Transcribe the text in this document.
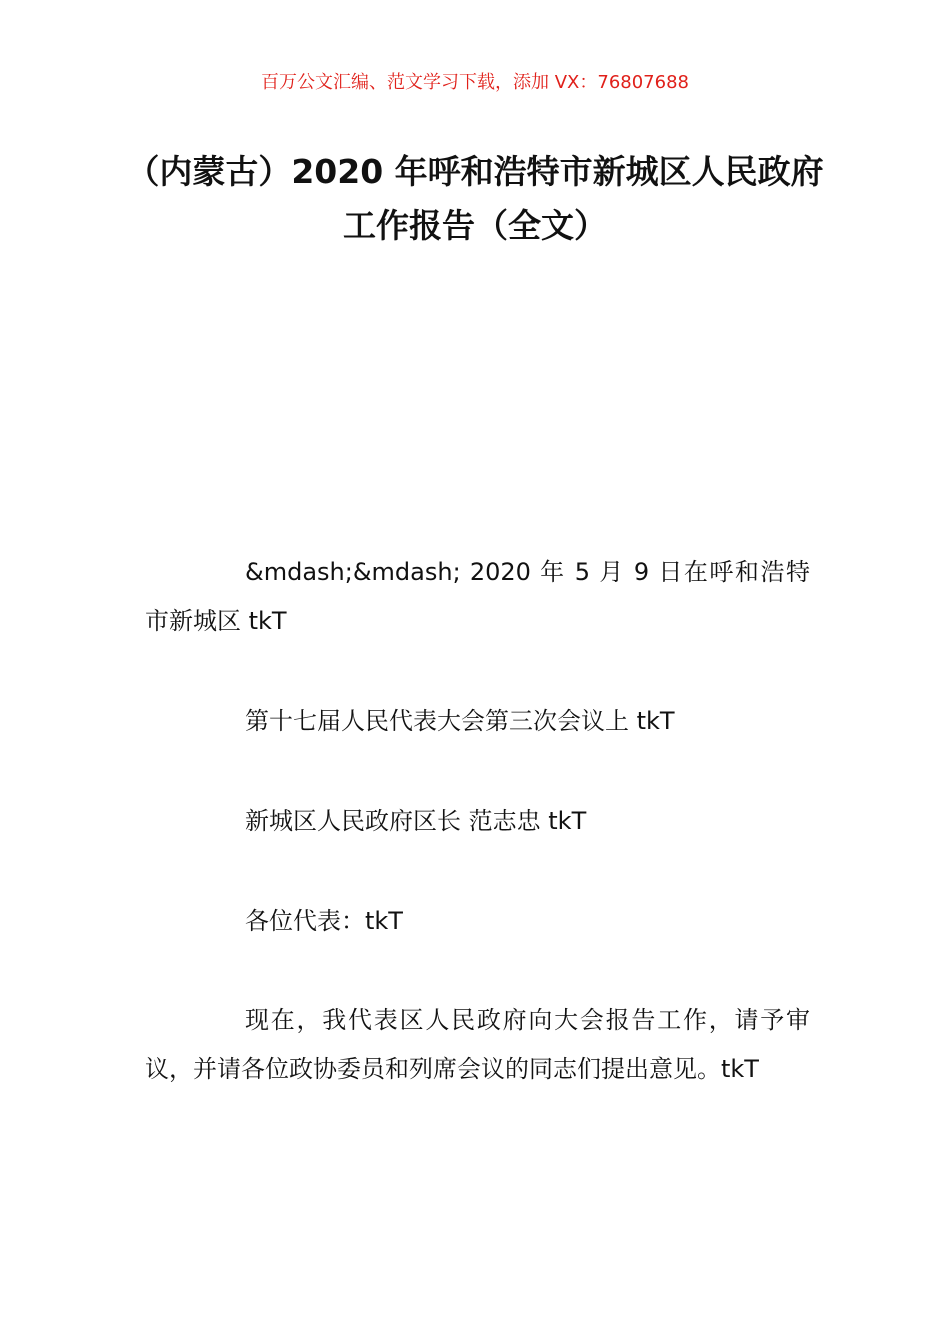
百万公文汇编、范文学习下载，添加 VX：76807688
（内蒙古）2020 年呼和浩特市新城区人民政府工作报告（全文）
&mdash;&mdash; 2020 年 5 月 9 日在呼和浩特市新城区 tkT
第十七届人民代表大会第三次会议上 tkT
新城区人民政府区长 范志忠 tkT
各位代表：tkT
现在，我代表区人民政府向大会报告工作，请予审议，并请各位政协委员和列席会议的同志们提出意见。tkT
